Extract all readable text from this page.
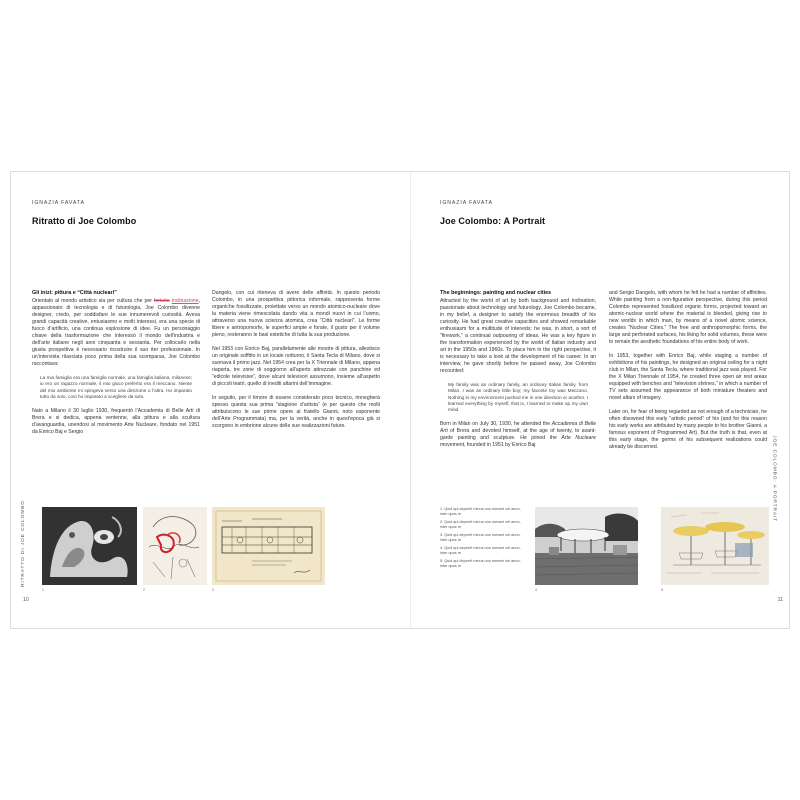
IGNAZIA FAVATA
Ritratto di Joe Colombo

Gli inizi: pittura e “Città nucleari”

Orientato al mondo artistico sia per cultura che per fortuita inclinazione, appassionato di tecnologia e di futurologia, Joe Colombo divenne designer, credo, per soddisfare le sue innumerevoli curiosità. Aveva grandi capacità creative, entusiasmo e molti interessi, era una specie di fuoco d’artificio, una continua esplosione di idee. Fu un personaggio chiave della trasformazione che interessò il mondo dell’industria e dell’arte italiane negli anni cinquanta e sessanta. Per collocarlo nella giusta prospettiva è necessario ricostruire il suo iter professionale. In un’intervista rilasciata poco prima della sua scomparsa, Joe Colombo raccontava:

La mia famiglia era una famiglia normale, una famiglia italiana, milanese; io ero un ragazzo normale, il mio gioco preferito era il meccano. Niente del mio ambiente mi spingeva verso una direzione o l’altra. Ho imparato tutto da solo, così ho imparato a scegliere da solo.

Nato a Milano il 30 luglio 1930, frequentò l’Accademia di Belle Arti di Brera e si dedica, appena ventenne, alla pittura e alla scultura d’avanguardia, unendosi al movimento Arte Nucleare, fondato nel 1951 da Enrico Baj e Sergio

Dangelo, con cui riteneva di avere delle affinità. In questo periodo Colombo, in una prospettiva pittorica informale, rappresenta forme organiche fossilizzate, proiettate verso un mondo atomico-nucleare dove la materia viene rimescolata dando vita a mondi nuovi in cui l’uomo, attraverso una nuova scienza atomica, crea “Città nucleari”. Le forme libere e antropomorfe, le superfici ampie e forate, il gusto per il volume pieno, resteranno le basi estetiche di tutta la sua produzione.

Nel 1953 con Enrico Baj, parallelamente alle mostre di pittura, allestisce un originale soffitto in un locale notturno, il Santa Tecla di Milano, dove si suonava il primo jazz. Nel 1954 crea per la X Triennale di Milano, appena riaperta, tre zone di soggiorno all’aperto attrezzate con panchine ed “edicole televisive”, dove alcuni televisori assumono, insieme all’aspetto di piccoli teatri, quello di inediti altarini dell’immagine.

In seguito, per il timore di essere considerato poco tecnico, rinnegherà spesso questa sua prima “stagione d’artista” (e per questo che molti attribuiscono le sue prime opere al fratello Gianni, noto esponente dell’Arte Programmata) ma, per la verità, anche in quest’epoca già si scorgono in embrione alcune delle sue realizzazioni future.

1	2	3
RITRATTO DI JOE COLOMBO
10
IGNAZIA FAVATA
Joe Colombo: A Portrait

The beginnings: painting and nuclear cities

Attracted by the world of art by both background and inclination, passionate about technology and futurology, Joe Colombo became, in my belief, a designer to satisfy the enormous breadth of his curiosity. He had great creative capacities and showed remarkable enthusiasm for a multitude of interests: he was, in short, a sort of “firework,” a continual outpouring of ideas. He was a key figure in the transformation experienced by the world of Italian industry and art in the 1950s and 1960s. To place him in the right perspective, it is necessary to take a look at the development of his career. In an interview, he gave shortly before he passed away, Joe Colombo recounted:

My family was an ordinary family, an ordinary Italian family, from Milan. I was an ordinary little boy; my favorite toy was Meccano. Nothing in my environment pushed me in one direction or another. I learned everything by myself, that is, I learned to make up my own mind.

Born in Milan on July 30, 1930, he attended the Accademia di Belle Arti of Brera and devoted himself, at the age of twenty, to avant-garde painting and sculpture. He joined the Arte Nucleare movement, founded in 1951 by Enrico Baj

and Sergio Dangelo, with whom he felt he had a number of affinities. While painting from a non-figurative perspective, during this period Colombo represented fossilized organic forms, projected toward an atomic-nuclear world where the material is blended, giving rise to new worlds in which man, by means of a novel atomic science, creates “Nuclear Cities.” The free and anthropomorphic forms, the large and perforated surfaces, his liking for solid volumes, these were to remain the aesthetic foundations of his entire body of work.

In 1953, together with Enrico Baj, while staging a number of exhibitions of his paintings, he designed an original ceiling for a night club in Milan, the Santa Tecla, where traditional jazz was played. For the X Milan Triennale of 1954, he created three open air rest areas equipped with benches and “television shrines,” in which a number of TV sets assumed the appearance of both miniature theaters and novel altars of imagery.

Later on, for fear of being regarded as not enough of a technician, he often disowned this early “artistic period” of his (and for this reason his early works are attributed by many people to his brother Gianni, a famous exponent of Programmed Art). But the truth is that, even at this early stage, the germs of his subsequent realizations could already be discerned.

1. Quid qui deperrit minus uno mensei vel anno, inter quos re
2. Quid qui deperrit minus uno mensei vel anno, inter quos re
3. Quid qui deperrit minus uno mensei vel anno, inter quos re
4. Quid qui deperrit minus uno mensei vel anno, inter quos re
5. Quid qui deperrit minus uno mensei vel anno, inter quos re
4	5
JOE COLOMBO: A PORTRAIT
11
